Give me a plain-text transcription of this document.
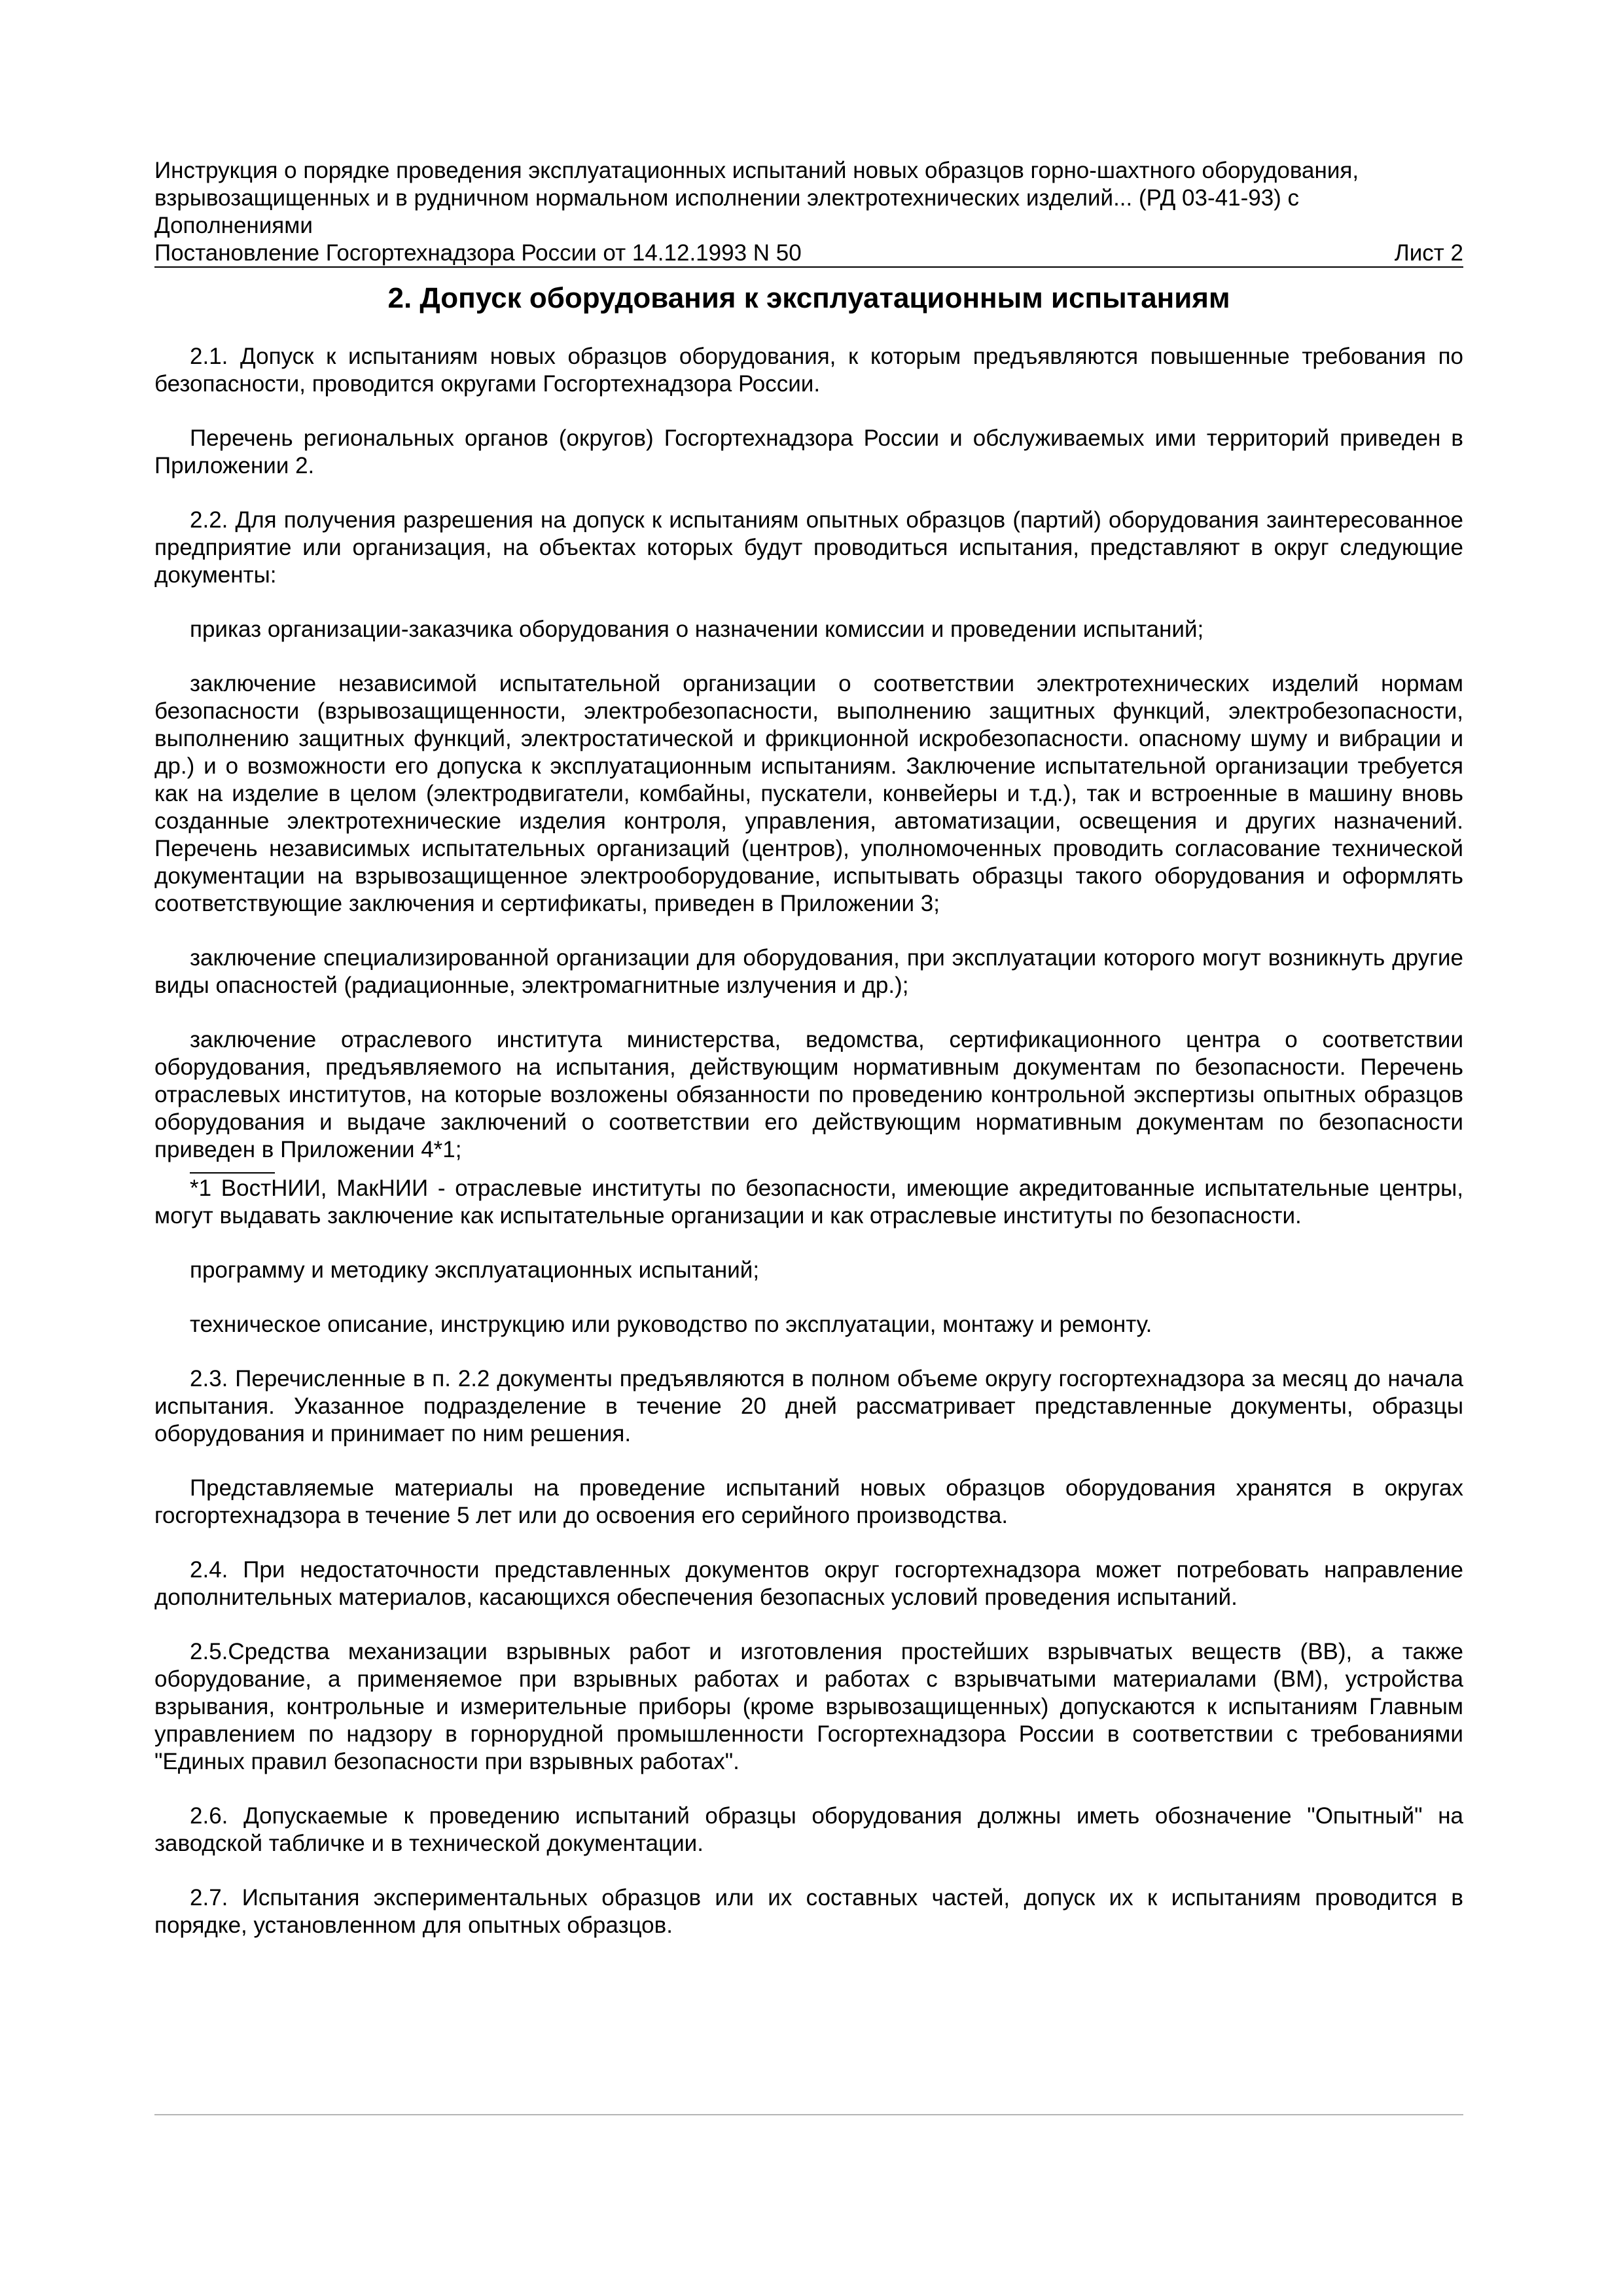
Инструкция о порядке проведения эксплуатационных испытаний новых образцов горно-шахтного оборудования,
взрывозащищенных и в рудничном нормальном исполнении электротехнических изделий... (РД 03-41-93) с
Дополнениями
Постановление Госгортехнадзора России от 14.12.1993 N 50	Лист 2
2. Допуск оборудования к эксплуатационным испытаниям

2.1. Допуск к испытаниям новых образцов оборудования, к которым предъявляются повышенные требования по безопасности, проводится округами Госгортехнадзора России.

Перечень региональных органов (округов) Госгортехнадзора России и обслуживаемых ими территорий приведен в Приложении 2.

2.2. Для получения разрешения на допуск к испытаниям опытных образцов (партий) оборудования заинтересованное предприятие или организация, на объектах которых будут проводиться испытания, представляют в округ следующие документы:

приказ организации-заказчика оборудования о назначении комиссии и проведении испытаний;

заключение независимой испытательной организации о соответствии электротехнических изделий нормам безопасности (взрывозащищенности, электробезопасности, выполнению защитных функций, электробезопасности, выполнению защитных функций, электростатической и фрикционной искробезопасности. опасному шуму и вибрации и др.) и о возможности его допуска к эксплуатационным испытаниям. Заключение испытательной организации требуется как на изделие в целом (электродвигатели, комбайны, пускатели, конвейеры и т.д.), так и встроенные в машину вновь созданные электротехнические изделия контроля, управления, автоматизации, освещения и других назначений. Перечень независимых испытательных организаций (центров), уполномоченных проводить согласование технической документации на взрывозащищенное электрооборудование, испытывать образцы такого оборудования и оформлять соответствующие заключения и сертификаты, приведен в Приложении 3;

заключение специализированной организации для оборудования, при эксплуатации которого могут возникнуть другие виды опасностей (радиационные, электромагнитные излучения и др.);

заключение отраслевого института министерства, ведомства, сертификационного центра о соответствии оборудования, предъявляемого на испытания, действующим нормативным документам по безопасности. Перечень отраслевых институтов, на которые возложены обязанности по проведению контрольной экспертизы опытных образцов оборудования и выдаче заключений о соответствии его действующим нормативным документам по безопасности приведен в Приложении 4*1;

*1 ВостНИИ, МакНИИ - отраслевые институты по безопасности, имеющие акредитованные испытательные центры, могут выдавать заключение как испытательные организации и как отраслевые институты по безопасности.

программу и методику эксплуатационных испытаний;

техническое описание, инструкцию или руководство по эксплуатации, монтажу и ремонту.

2.3. Перечисленные в п. 2.2 документы предъявляются в полном объеме округу госгортехнадзора за месяц до начала испытания. Указанное подразделение в течение 20 дней рассматривает представленные документы, образцы оборудования и принимает по ним решения.

Представляемые материалы на проведение испытаний новых образцов оборудования хранятся в округах госгортехнадзора в течение 5 лет или до освоения его серийного производства.

2.4. При недостаточности представленных документов округ госгортехнадзора может потребовать направление дополнительных материалов, касающихся обеспечения безопасных условий проведения испытаний.

2.5.Средства механизации взрывных работ и изготовления простейших взрывчатых веществ (ВВ), а также оборудование, а применяемое при взрывных работах и работах с взрывчатыми материалами (ВМ), устройства взрывания, контрольные и измерительные приборы (кроме взрывозащищенных) допускаются к испытаниям Главным управлением по надзору в горнорудной промышленности Госгортехнадзора России в соответствии с требованиями "Единых правил безопасности при взрывных работах".

2.6. Допускаемые к проведению испытаний образцы оборудования должны иметь обозначение "Опытный" на заводской табличке и в технической документации.

2.7. Испытания экспериментальных образцов или их составных частей, допуск их к испытаниям проводится в порядке, установленном для опытных образцов.
